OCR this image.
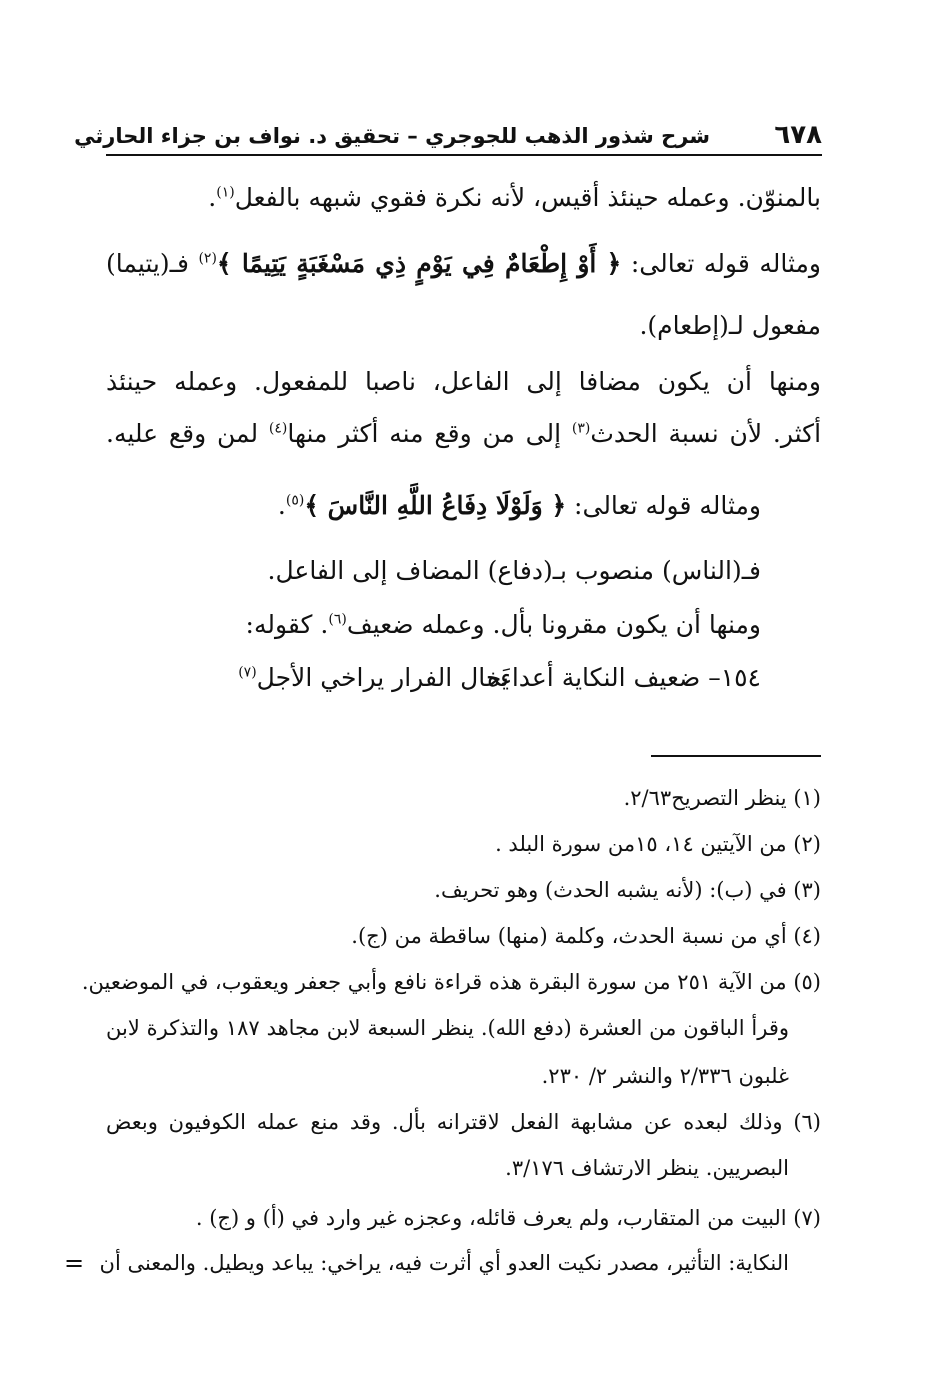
٦٧٨
شرح شذور الذهب للجوجري – تحقيق د. نواف بن جزاء الحارثي
بالمنوّن. وعمله حينئذ أقيس، لأنه نكرة فقوي شبهه بالفعل$^{(١)}$.
ومثاله قوله تعالى: ﴿ أَوْ إِطْعَامٌ فِي يَوْمٍ ذِي مَسْغَبَةٍ يَتِيمًا ﴾$^{(٢)}$ فـ(يتيما)
مفعول لـ(إطعام).
ومنها أن يكون مضافا إلى الفاعل، ناصبا للمفعول. وعمله حينئذ
أكثر. لأن نسبة الحدث$^{(٣)}$ إلى من وقع منه أكثر منها$^{(٤)}$ لمن وقع عليه.
ومثاله قوله تعالى: ﴿ وَلَوْلَا دِفَاعُ اللَّهِ النَّاسَ ﴾$^{(٥)}$.
فـ(الناس) منصوب بـ(دفاع) المضاف إلى الفاعل.
ومنها أن يكون مقرونا بأل. وعمله ضعيف$^{(٦)}$. كقوله:
١٥٤– ضعيف النكاية أعداءَه
يخال الفرار يراخي الأجل$^{(٧)}$
(١) ينظر التصريح٢/٦٣.
(٢) من الآيتين ١٤، ١٥من سورة البلد .
(٣) في (ب): (لأنه يشبه الحدث) وهو تحريف.
(٤) أي من نسبة الحدث، وكلمة (منها) ساقطة من (ج).
(٥) من الآية ٢٥١ من سورة البقرة هذه قراءة نافع وأبي جعفر ويعقوب، في الموضعين.
وقرأ الباقون من العشرة (دفع الله). ينظر السبعة لابن مجاهد ١٨٧ والتذكرة لابن
غلبون ٢/٣٣٦ والنشر ٢/ ٢٣٠.
(٦) وذلك لبعده عن مشابهة الفعل لاقترانه بأل. وقد منع عمله الكوفيون وبعض
البصريين. ينظر الارتشاف ٣/١٧٦.
(٧) البيت من المتقارب، ولم يعرف قائله، وعجزه غير وارد في (أ) و (ج) .
النكاية: التأثير، مصدر نكيت العدو أي أثرت فيه، يراخي: يباعد ويطيل. والمعنى أن
=
